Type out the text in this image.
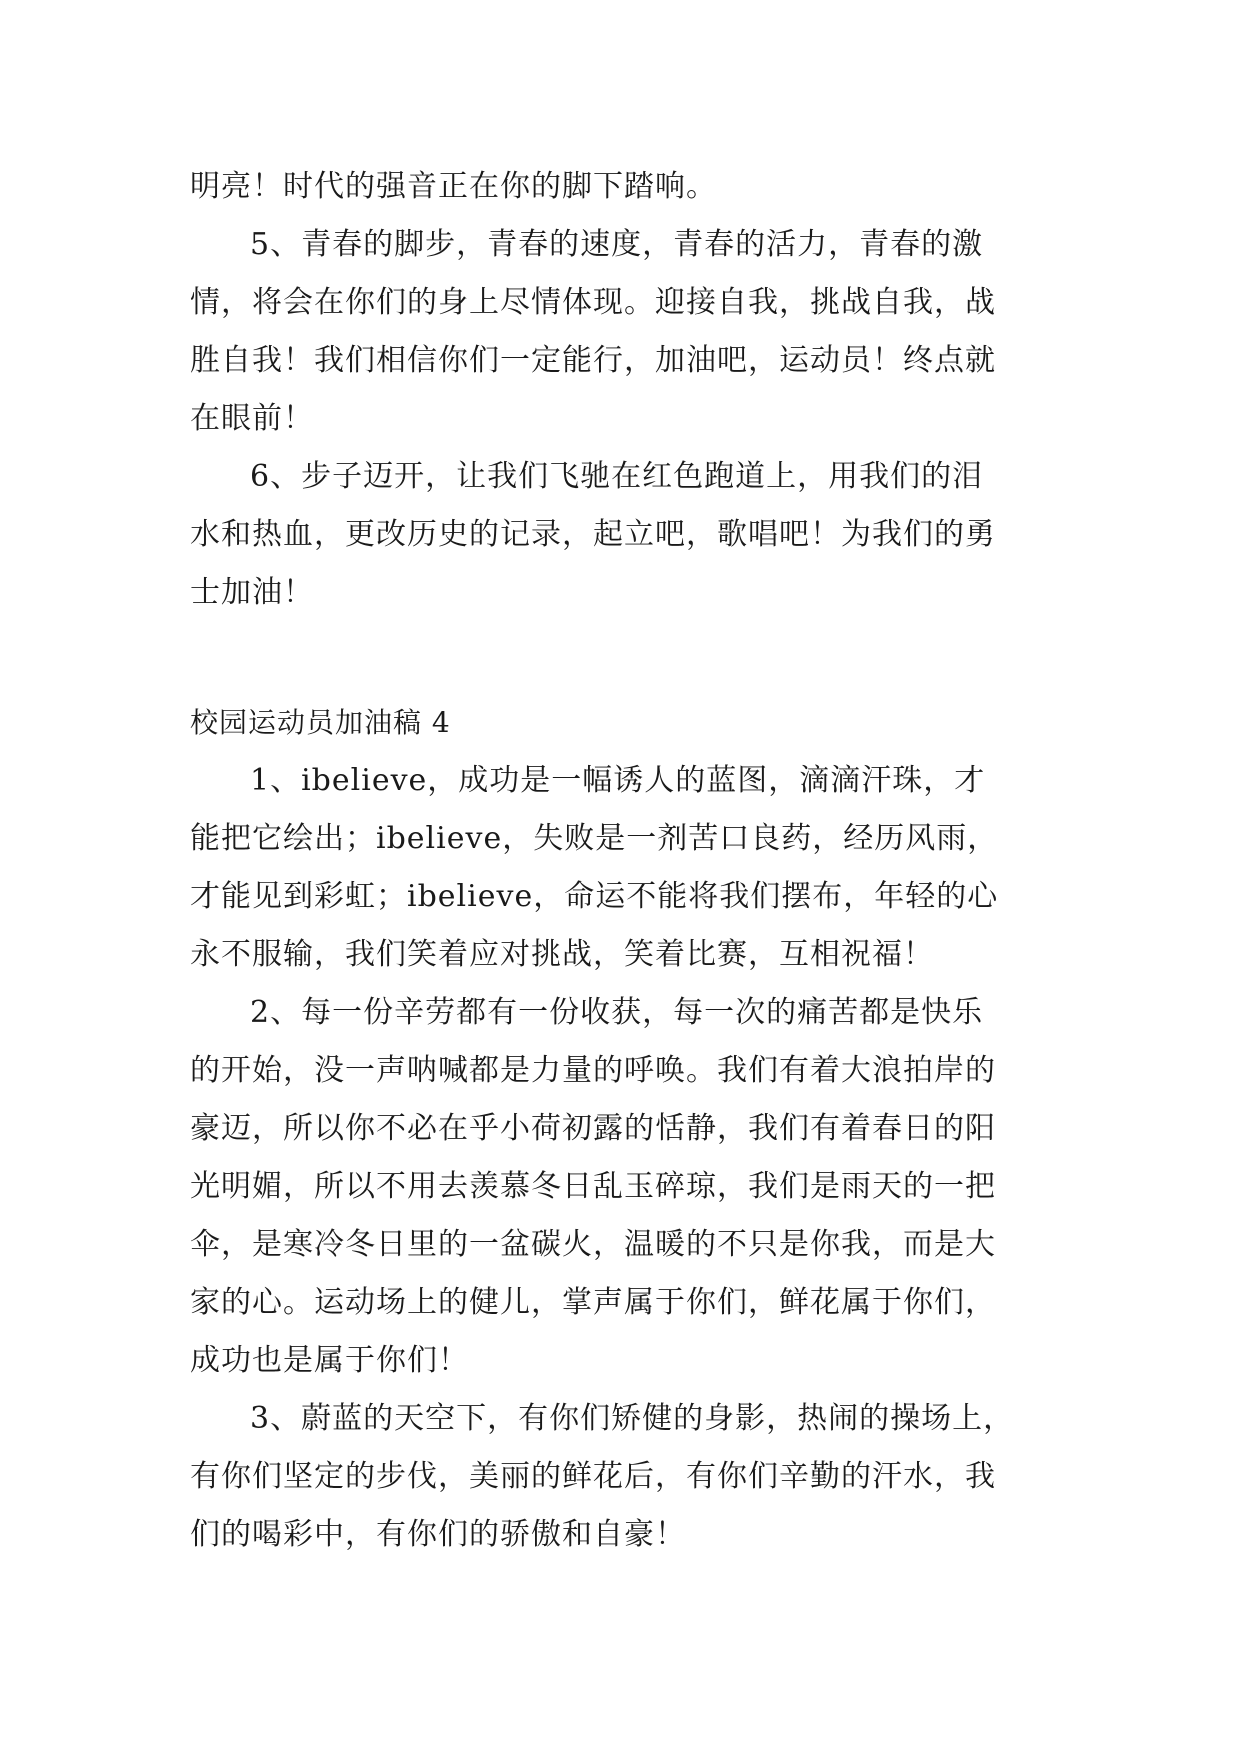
明亮！时代的强音正在你的脚下踏响。
5、青春的脚步，青春的速度，青春的活力，青春的激
情，将会在你们的身上尽情体现。迎接自我，挑战自我，战
胜自我！我们相信你们一定能行，加油吧，运动员！终点就
在眼前！
6、步子迈开，让我们飞驰在红色跑道上，用我们的泪
水和热血，更改历史的记录，起立吧，歌唱吧！为我们的勇
士加油！
校园运动员加油稿 4
1、ibelieve，成功是一幅诱人的蓝图，滴滴汗珠，才
能把它绘出；ibelieve，失败是一剂苦口良药，经历风雨，
才能见到彩虹；ibelieve，命运不能将我们摆布，年轻的心
永不服输，我们笑着应对挑战，笑着比赛，互相祝福！
2、每一份辛劳都有一份收获，每一次的痛苦都是快乐
的开始，没一声呐喊都是力量的呼唤。我们有着大浪拍岸的
豪迈，所以你不必在乎小荷初露的恬静，我们有着春日的阳
光明媚，所以不用去羡慕冬日乱玉碎琼，我们是雨天的一把
伞，是寒冷冬日里的一盆碳火，温暖的不只是你我，而是大
家的心。运动场上的健儿，掌声属于你们，鲜花属于你们，
成功也是属于你们！
3、蔚蓝的天空下，有你们矫健的身影，热闹的操场上，
有你们坚定的步伐，美丽的鲜花后，有你们辛勤的汗水，我
们的喝彩中，有你们的骄傲和自豪！
